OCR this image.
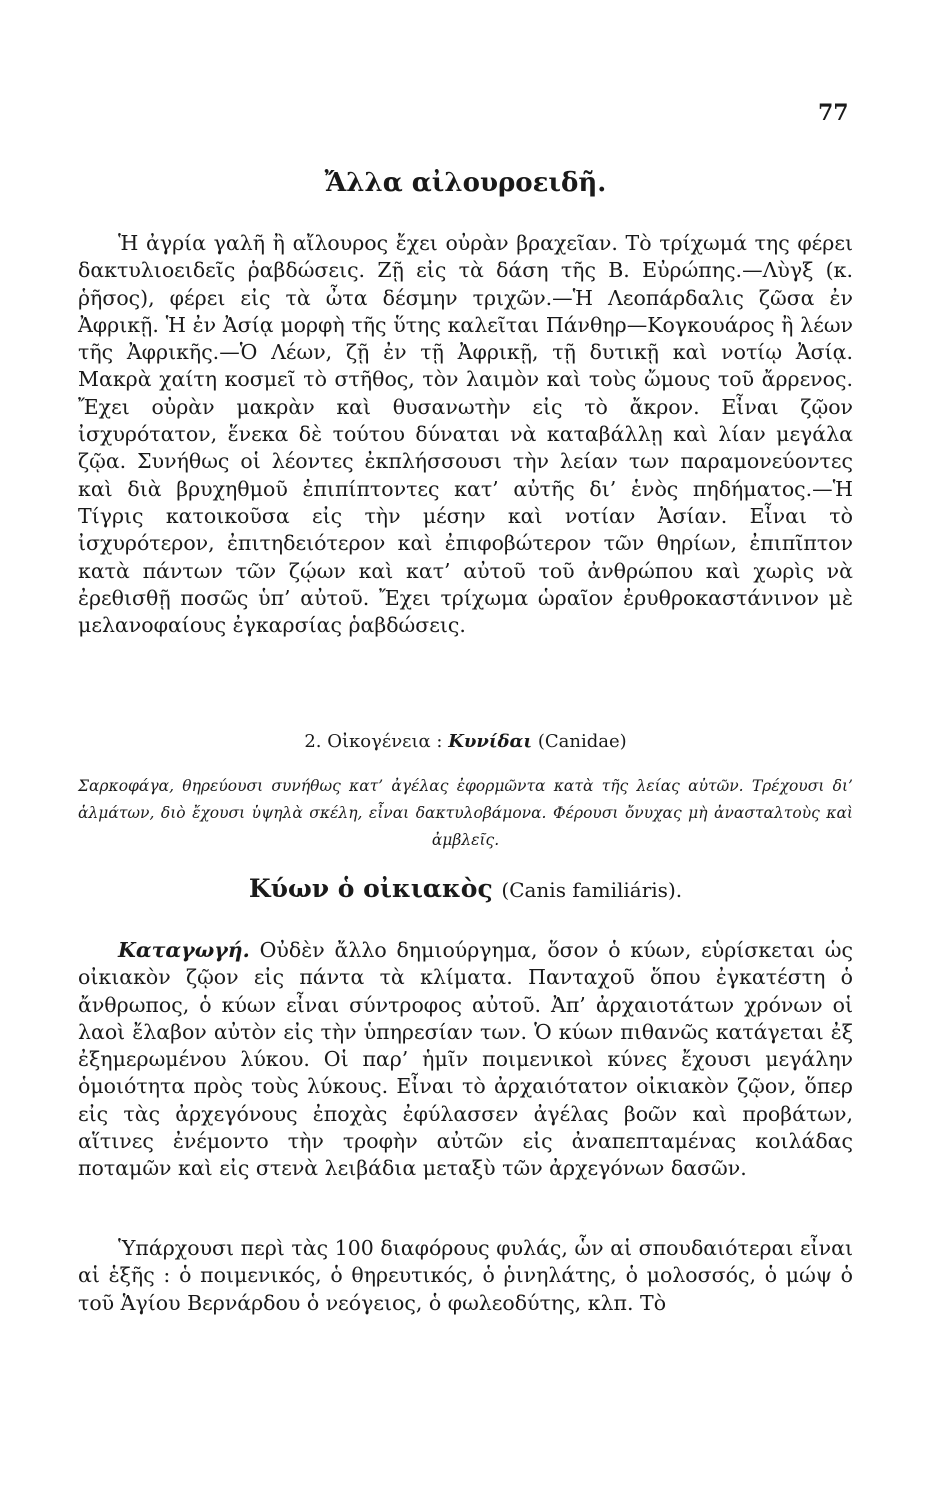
77
Ἄλλα αἰλουροειδῆ.
Ἡ ἀγρία γαλῆ ἢ αἴλουρος ἔχει οὐρὰν βραχεῖαν. Τὸ τρίχωμά της φέρει δακτυλιοειδεῖς ῥαβδώσεις. Ζῇ εἰς τὰ δάση τῆς Β. Εὐρώπης.—Λὺγξ (κ. ῥῆσος), φέρει εἰς τὰ ὦτα δέσμην τριχῶν.—Ἡ Λεοπάρδαλις ζῶσα ἐν Ἀφρικῇ. Ἡ ἐν Ἀσίᾳ μορφὴ τῆς ὕτης καλεῖται Πάνθηρ—Κογκουάρος ἢ λέων τῆς Ἀφρικῆς.—Ὁ Λέων, ζῇ ἐν τῇ Ἀφρικῇ, τῇ δυτικῇ καὶ νοτίῳ Ἀσίᾳ. Μακρὰ χαίτη κοσμεῖ τὸ στῆθος, τὸν λαιμὸν καὶ τοὺς ὤμους τοῦ ἄρρενος. Ἔχει οὐρὰν μακρὰν καὶ θυσανωτὴν εἰς τὸ ἄκρον. Εἶναι ζῷον ἰσχυρότατον, ἕνεκα δὲ τούτου δύναται νὰ καταβάλλῃ καὶ λίαν μεγάλα ζῷα. Συνήθως οἱ λέοντες ἐκπλήσσουσι τὴν λείαν των παραμονεύοντες καὶ διὰ βρυχηθμοῦ ἐπιπίπτοντες κατ’ αὐτῆς δι’ ἑνὸς πηδήματος.—Ἡ Τίγρις κατοικοῦσα εἰς τὴν μέσην καὶ νοτίαν Ἀσίαν. Εἶναι τὸ ἰσχυρότερον, ἐπιτηδειότερον καὶ ἐπιφοβώτερον τῶν θηρίων, ἐπιπῖπτον κατὰ πάντων τῶν ζῴων καὶ κατ’ αὐτοῦ τοῦ ἀνθρώπου καὶ χωρὶς νὰ ἐρεθισθῇ ποσῶς ὑπ’ αὐτοῦ. Ἔχει τρίχωμα ὡραῖον ἐρυθροκαστάνινον μὲ μελανοφαίους ἐγκαρσίας ῥαβδώσεις.
2. Οἰκογένεια : Κυνίδαι (Canidae)
Σαρκοφάγα, θηρεύουσι συνήθως κατ’ ἀγέλας ἐφορμῶντα κατὰ τῆς λείας αὐτῶν. Τρέχουσι δι’ ἁλμάτων, διὸ ἔχουσι ὑψηλὰ σκέλη, εἶναι δακτυλοβάμονα. Φέρουσι ὄνυχας μὴ ἀνασταλτοὺς καὶ ἀμβλεῖς.
Κύων ὁ οἰκιακὸς (Canis familiáris).
Καταγωγή. Οὐδὲν ἄλλο δημιούργημα, ὅσον ὁ κύων, εὑρίσκεται ὡς οἰκιακὸν ζῷον εἰς πάντα τὰ κλίματα. Πανταχοῦ ὅπου ἐγκατέστη ὁ ἄνθρωπος, ὁ κύων εἶναι σύντροφος αὐτοῦ. Ἀπ’ ἀρχαιοτάτων χρόνων οἱ λαοὶ ἔλαβον αὐτὸν εἰς τὴν ὑπηρεσίαν των. Ὁ κύων πιθανῶς κατάγεται ἐξ ἐξημερωμένου λύκου. Οἱ παρ’ ἡμῖν ποιμενικοὶ κύνες ἔχουσι μεγάλην ὁμοιότητα πρὸς τοὺς λύκους. Εἶναι τὸ ἀρχαιότατον οἰκιακὸν ζῷον, ὅπερ εἰς τὰς ἀρχεγόνους ἐποχὰς ἐφύλασσεν ἀγέλας βοῶν καὶ προβάτων, αἵτινες ἐνέμοντο τὴν τροφὴν αὐτῶν εἰς ἀναπεπταμένας κοιλάδας ποταμῶν καὶ εἰς στενὰ λειβάδια μεταξὺ τῶν ἀρχεγόνων δασῶν.
Ὑπάρχουσι περὶ τὰς 100 διαφόρους φυλάς, ὧν αἱ σπουδαιότεραι εἶναι αἱ ἑξῆς : ὁ ποιμενικός, ὁ θηρευτικός, ὁ ῥινηλάτης, ὁ μολοσσός, ὁ μώψ ὁ τοῦ Ἁγίου Βερνάρδου ὁ νεόγειος, ὁ φωλεοδύτης, κλπ. Τὸ
